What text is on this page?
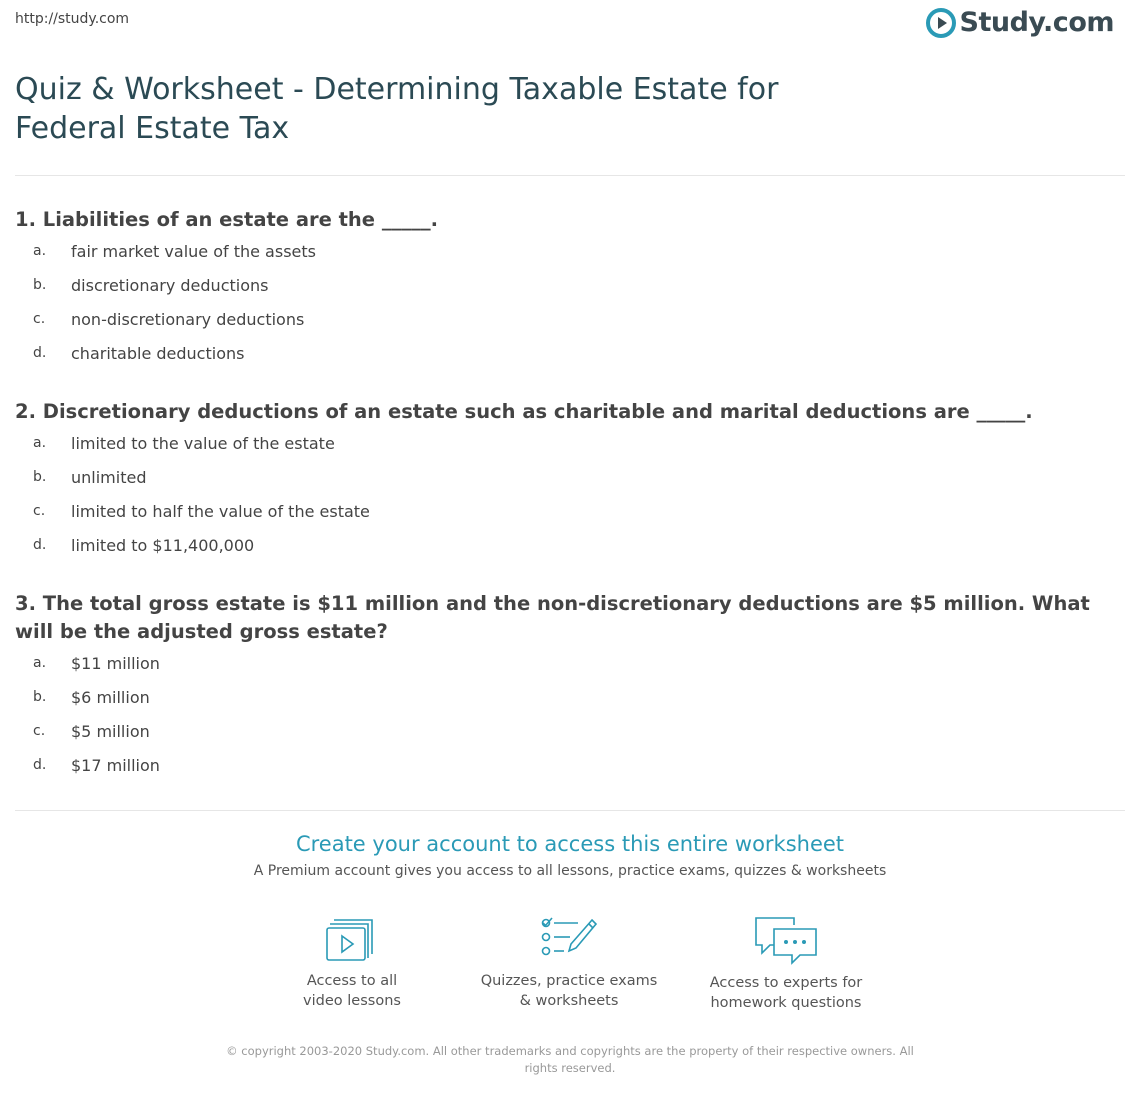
http://study.com	Study.com
Quiz & Worksheet - Determining Taxable Estate for Federal Estate Tax
1. Liabilities of an estate are the _____.
a.	fair market value of the assets
b.	discretionary deductions
c.	non-discretionary deductions
d.	charitable deductions
2. Discretionary deductions of an estate such as charitable and marital deductions are _____.
a.	limited to the value of the estate
b.	unlimited
c.	limited to half the value of the estate
d.	limited to $11,400,000
3. The total gross estate is $11 million and the non-discretionary deductions are $5 million. What will be the adjusted gross estate?
a.	$11 million
b.	$6 million
c.	$5 million
d.	$17 million
Create your account to access this entire worksheet
A Premium account gives you access to all lessons, practice exams, quizzes & worksheets
Access to all
video lessons
Quizzes, practice exams
& worksheets
Access to experts for
homework questions
© copyright 2003-2020 Study.com. All other trademarks and copyrights are the property of their respective owners. All rights reserved.
